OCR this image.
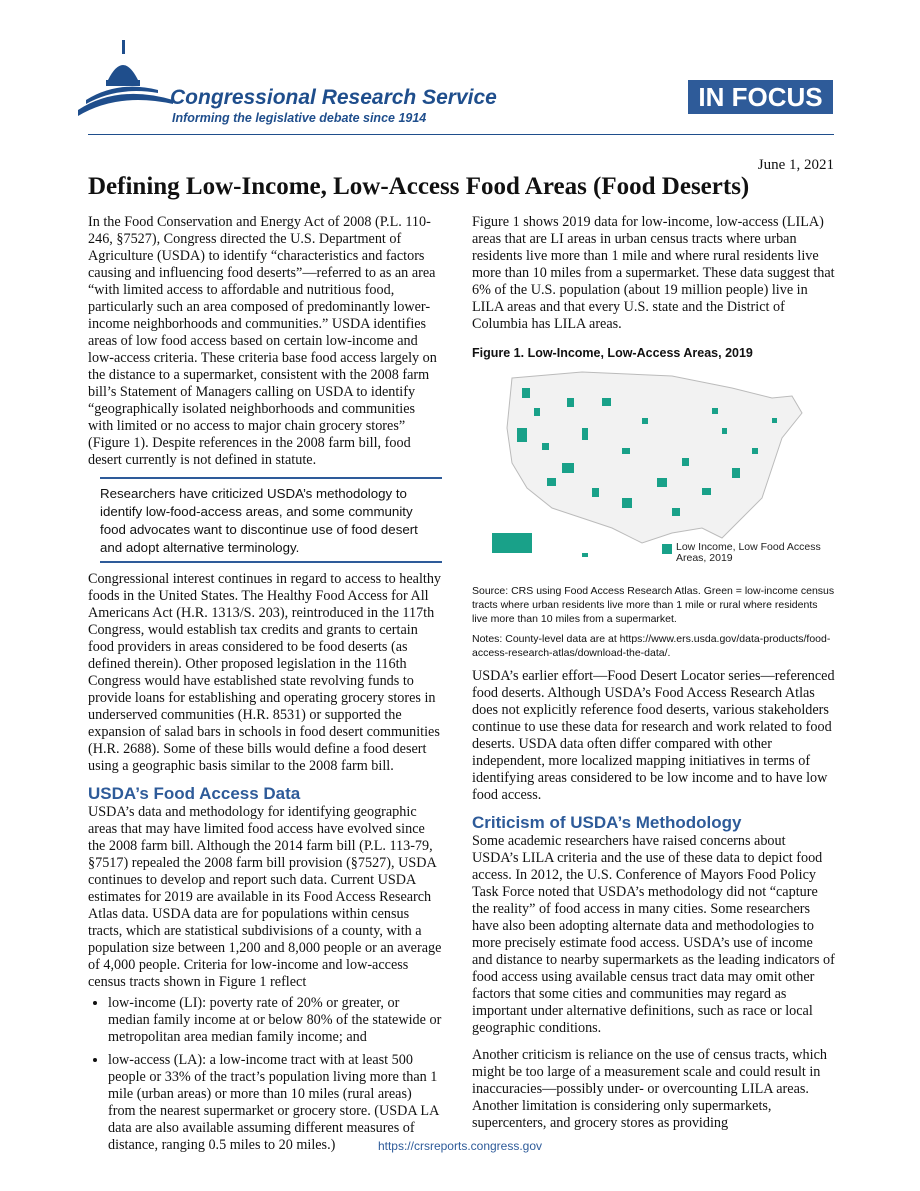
Congressional Research Service
Informing the legislative debate since 1914
IN FOCUS
June 1, 2021
Defining Low-Income, Low-Access Food Areas (Food Deserts)

In the Food Conservation and Energy Act of 2008 (P.L. 110-246, §7527), Congress directed the U.S. Department of Agriculture (USDA) to identify “characteristics and factors causing and influencing food deserts”—referred to as an area “with limited access to affordable and nutritious food, particularly such an area composed of predominantly lower-income neighborhoods and communities.” USDA identifies areas of low food access based on certain low-income and low-access criteria. These criteria base food access largely on the distance to a supermarket, consistent with the 2008 farm bill’s Statement of Managers calling on USDA to identify “geographically isolated neighborhoods and communities with limited or no access to major chain grocery stores” (Figure 1). Despite references in the 2008 farm bill, food desert currently is not defined in statute.

Researchers have criticized USDA’s methodology to identify low-food-access areas, and some community food advocates want to discontinue use of food desert and adopt alternative terminology.

Congressional interest continues in regard to access to healthy foods in the United States. The Healthy Food Access for All Americans Act (H.R. 1313/S. 203), reintroduced in the 117th Congress, would establish tax credits and grants to certain food providers in areas considered to be food deserts (as defined therein). Other proposed legislation in the 116th Congress would have established state revolving funds to provide loans for establishing and operating grocery stores in underserved communities (H.R. 8531) or supported the expansion of salad bars in schools in food desert communities (H.R. 2688). Some of these bills would define a food desert using a geographic basis similar to the 2008 farm bill.

USDA’s Food Access Data

USDA’s data and methodology for identifying geographic areas that may have limited food access have evolved since the 2008 farm bill. Although the 2014 farm bill (P.L. 113-79, §7517) repealed the 2008 farm bill provision (§7527), USDA continues to develop and report such data. Current USDA estimates for 2019 are available in its Food Access Research Atlas data. USDA data are for populations within census tracts, which are statistical subdivisions of a county, with a population size between 1,200 and 8,000 people or an average of 4,000 people. Criteria for low-income and low-access census tracts shown in Figure 1 reflect

• low-income (LI): poverty rate of 20% or greater, or median family income at or below 80% of the statewide or metropolitan area median family income; and
• low-access (LA): a low-income tract with at least 500 people or 33% of the tract’s population living more than 1 mile (urban areas) or more than 10 miles (rural areas) from the nearest supermarket or grocery store. (USDA LA data are also available assuming different measures of distance, ranging 0.5 miles to 20 miles.)

Figure 1 shows 2019 data for low-income, low-access (LILA) areas that are LI areas in urban census tracts where urban residents live more than 1 mile and where rural residents live more than 10 miles from a supermarket. These data suggest that 6% of the U.S. population (about 19 million people) live in LILA areas and that every U.S. state and the District of Columbia has LILA areas.

Figure 1. Low-Income, Low-Access Areas, 2019
Low Income, Low Food Access Areas, 2019
Source: CRS using Food Access Research Atlas. Green = low-income census tracts where urban residents live more than 1 mile or rural where residents live more than 10 miles from a supermarket.
Notes: County-level data are at https://www.ers.usda.gov/data-products/food-access-research-atlas/download-the-data/.

USDA’s earlier effort—Food Desert Locator series—referenced food deserts. Although USDA’s Food Access Research Atlas does not explicitly reference food deserts, various stakeholders continue to use these data for research and work related to food deserts. USDA data often differ compared with other independent, more localized mapping initiatives in terms of identifying areas considered to be low income and to have low food access.

Criticism of USDA’s Methodology

Some academic researchers have raised concerns about USDA’s LILA criteria and the use of these data to depict food access. In 2012, the U.S. Conference of Mayors Food Policy Task Force noted that USDA’s methodology did not “capture the reality” of food access in many cities. Some researchers have also been adopting alternate data and methodologies to more precisely estimate food access. USDA’s use of income and distance to nearby supermarkets as the leading indicators of food access using available census tract data may omit other factors that some cities and communities may regard as important under alternative definitions, such as race or local geographic conditions.

Another criticism is reliance on the use of census tracts, which might be too large of a measurement scale and could result in inaccuracies—possibly under- or overcounting LILA areas. Another limitation is considering only supermarkets, supercenters, and grocery stores as providing

https://crsreports.congress.gov
